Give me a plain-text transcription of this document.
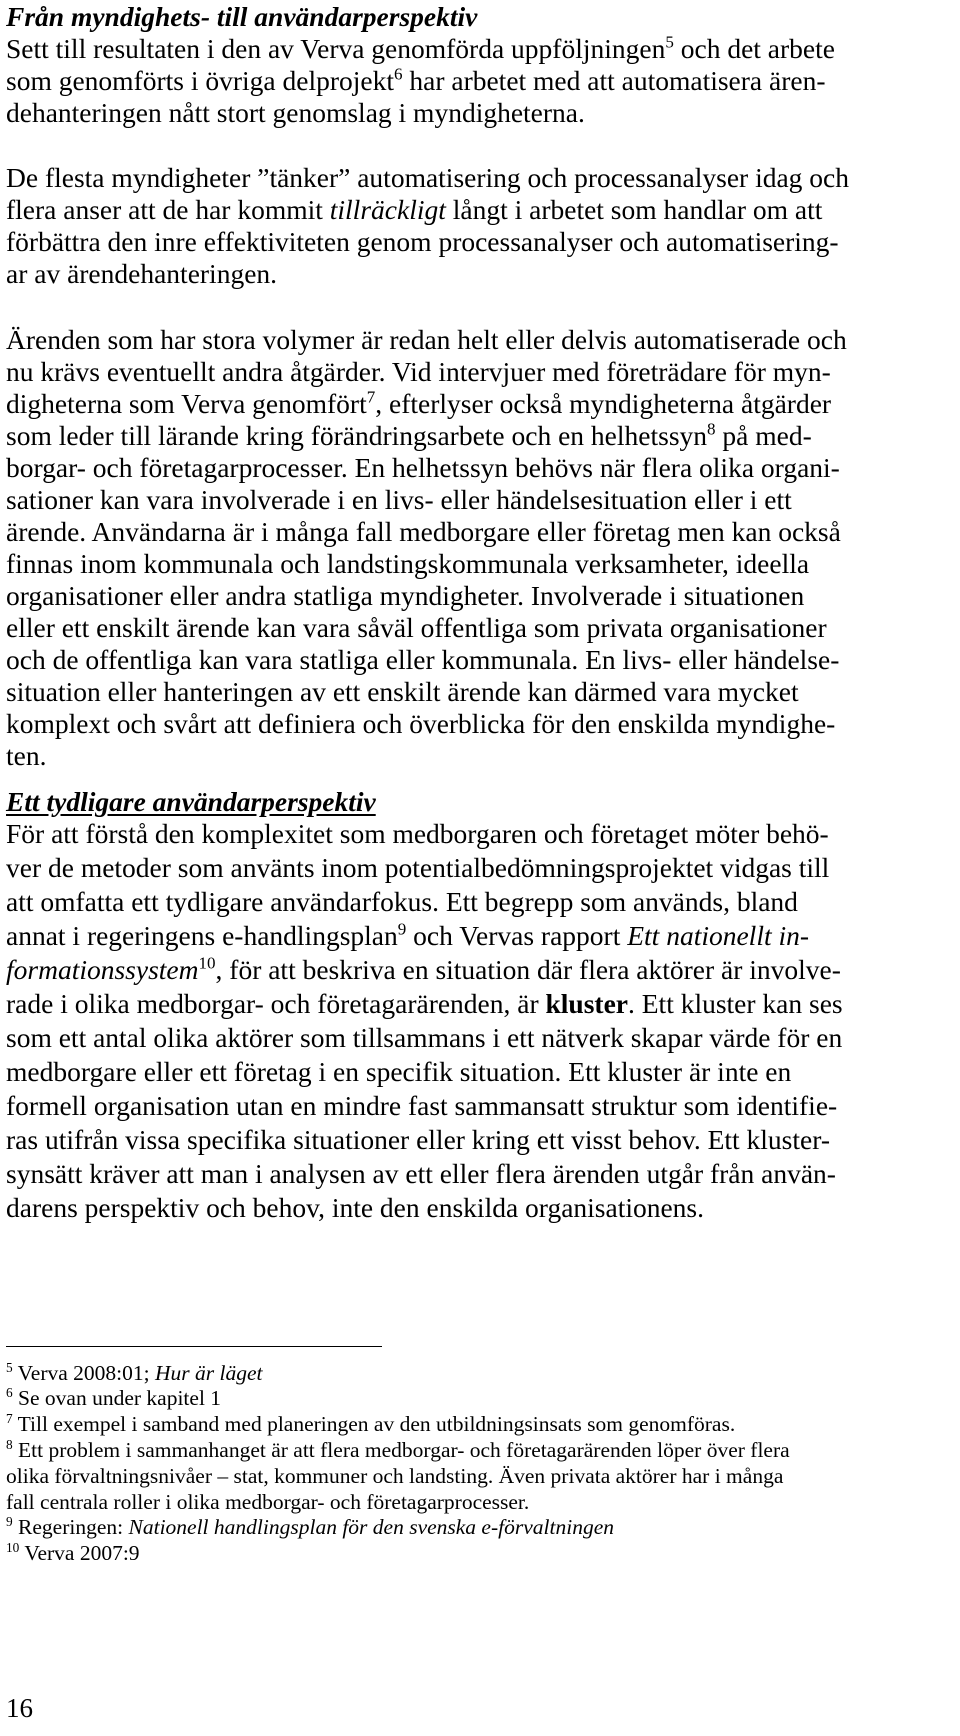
Från myndighets- till användarperspektiv
Sett till resultaten i den av Verva genomförda uppföljningen$^5$ och det arbete
som genomförts i övriga delprojekt$^6$ har arbetet med att automatisera ären-
dehanteringen nått stort genomslag i myndigheterna.
De flesta myndigheter ”tänker” automatisering och processanalyser idag och
flera anser att de har kommit tillräckligt långt i arbetet som handlar om att
förbättra den inre effektiviteten genom processanalyser och automatisering-
ar av ärendehanteringen.
Ärenden som har stora volymer är redan helt eller delvis automatiserade och
nu krävs eventuellt andra åtgärder. Vid intervjuer med företrädare för myn-
digheterna som Verva genomfört$^7$, efterlyser också myndigheterna åtgärder
som leder till lärande kring förändringsarbete och en helhetssyn$^8$ på med-
borgar- och företagarprocesser. En helhetssyn behövs när flera olika organi-
sationer kan vara involverade i en livs- eller händelsesituation eller i ett
ärende. Användarna är i många fall medborgare eller företag men kan också
finnas inom kommunala och landstingskommunala verksamheter, ideella
organisationer eller andra statliga myndigheter. Involverade i situationen
eller ett enskilt ärende kan vara såväl offentliga som privata organisationer
och de offentliga kan vara statliga eller kommunala. En livs- eller händelse-
situation eller hanteringen av ett enskilt ärende kan därmed vara mycket
komplext och svårt att definiera och överblicka för den enskilda myndighe-
ten.
Ett tydligare användarperspektiv
För att förstå den komplexitet som medborgaren och företaget möter behö-
ver de metoder som använts inom potentialbedömningsprojektet vidgas till
att omfatta ett tydligare användarfokus. Ett begrepp som används, bland
annat i regeringens e-handlingsplan$^9$ och Vervas rapport Ett nationellt in-
formationssystem$^{10}$, för att beskriva en situation där flera aktörer är involve-
rade i olika medborgar- och företagarärenden, är kluster. Ett kluster kan ses
som ett antal olika aktörer som tillsammans i ett nätverk skapar värde för en
medborgare eller ett företag i en specifik situation. Ett kluster är inte en
formell organisation utan en mindre fast sammansatt struktur som identifie-
ras utifrån vissa specifika situationer eller kring ett visst behov. Ett kluster-
synsätt kräver att man i analysen av ett eller flera ärenden utgår från använ-
darens perspektiv och behov, inte den enskilda organisationens.
$^5$ Verva 2008:01; Hur är läget
$^6$ Se ovan under kapitel 1
$^7$ Till exempel i samband med planeringen av den utbildningsinsats som genomföras.
$^8$ Ett problem i sammanhanget är att flera medborgar- och företagarärenden löper över flera
olika förvaltningsnivåer – stat, kommuner och landsting. Även privata aktörer har i många
fall centrala roller i olika medborgar- och företagarprocesser.
$^9$ Regeringen: Nationell handlingsplan för den svenska e-förvaltningen
$^{10}$ Verva 2007:9
16
